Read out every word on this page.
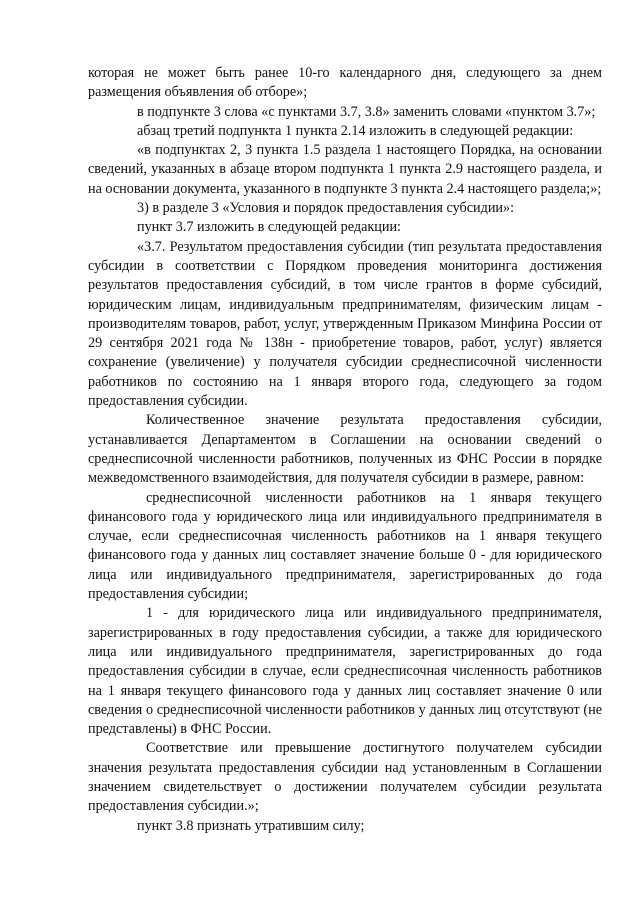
которая не может быть ранее 10-го календарного дня, следующего за днем размещения объявления об отборе»;

в подпункте 3 слова «с пунктами 3.7, 3.8» заменить словами «пунктом 3.7»;

абзац третий подпункта 1 пункта 2.14 изложить в следующей редакции:

«в подпунктах 2, 3 пункта 1.5 раздела 1 настоящего Порядка, на основании сведений, указанных в абзаце втором подпункта 1 пункта 2.9 настоящего раздела, и на основании документа, указанного в подпункте 3 пункта 2.4 настоящего раздела;»;

3) в разделе 3 «Условия и порядок предоставления субсидии»:

пункт 3.7 изложить в следующей редакции:

«3.7. Результатом предоставления субсидии (тип результата предоставления субсидии в соответствии с Порядком проведения мониторинга достижения результатов предоставления субсидий, в том числе грантов в форме субсидий, юридическим лицам, индивидуальным предпринимателям, физическим лицам - производителям товаров, работ, услуг, утвержденным Приказом Минфина России от 29 сентября 2021 года № 138н - приобретение товаров, работ, услуг) является сохранение (увеличение) у получателя субсидии среднесписочной численности работников по состоянию на 1 января второго года, следующего за годом предоставления субсидии.

Количественное значение результата предоставления субсидии, устанавливается Департаментом в Соглашении на основании сведений о среднесписочной численности работников, полученных из ФНС России в порядке межведомственного взаимодействия, для получателя субсидии в размере, равном:

среднесписочной численности работников на 1 января текущего финансового года у юридического лица или индивидуального предпринимателя в случае, если среднесписочная численность работников на 1 января текущего финансового года у данных лиц составляет значение больше 0 - для юридического лица или индивидуального предпринимателя, зарегистрированных до года предоставления субсидии;

1 - для юридического лица или индивидуального предпринимателя, зарегистрированных в году предоставления субсидии, а также для юридического лица или индивидуального предпринимателя, зарегистрированных до года предоставления субсидии в случае, если среднесписочная численность работников на 1 января текущего финансового года у данных лиц составляет значение 0 или сведения о среднесписочной численности работников у данных лиц отсутствуют (не представлены) в ФНС России.

Соответствие или превышение достигнутого получателем субсидии значения результата предоставления субсидии над установленным в Соглашении значением свидетельствует о достижении получателем субсидии результата предоставления субсидии.»;

пункт 3.8 признать утратившим силу;
